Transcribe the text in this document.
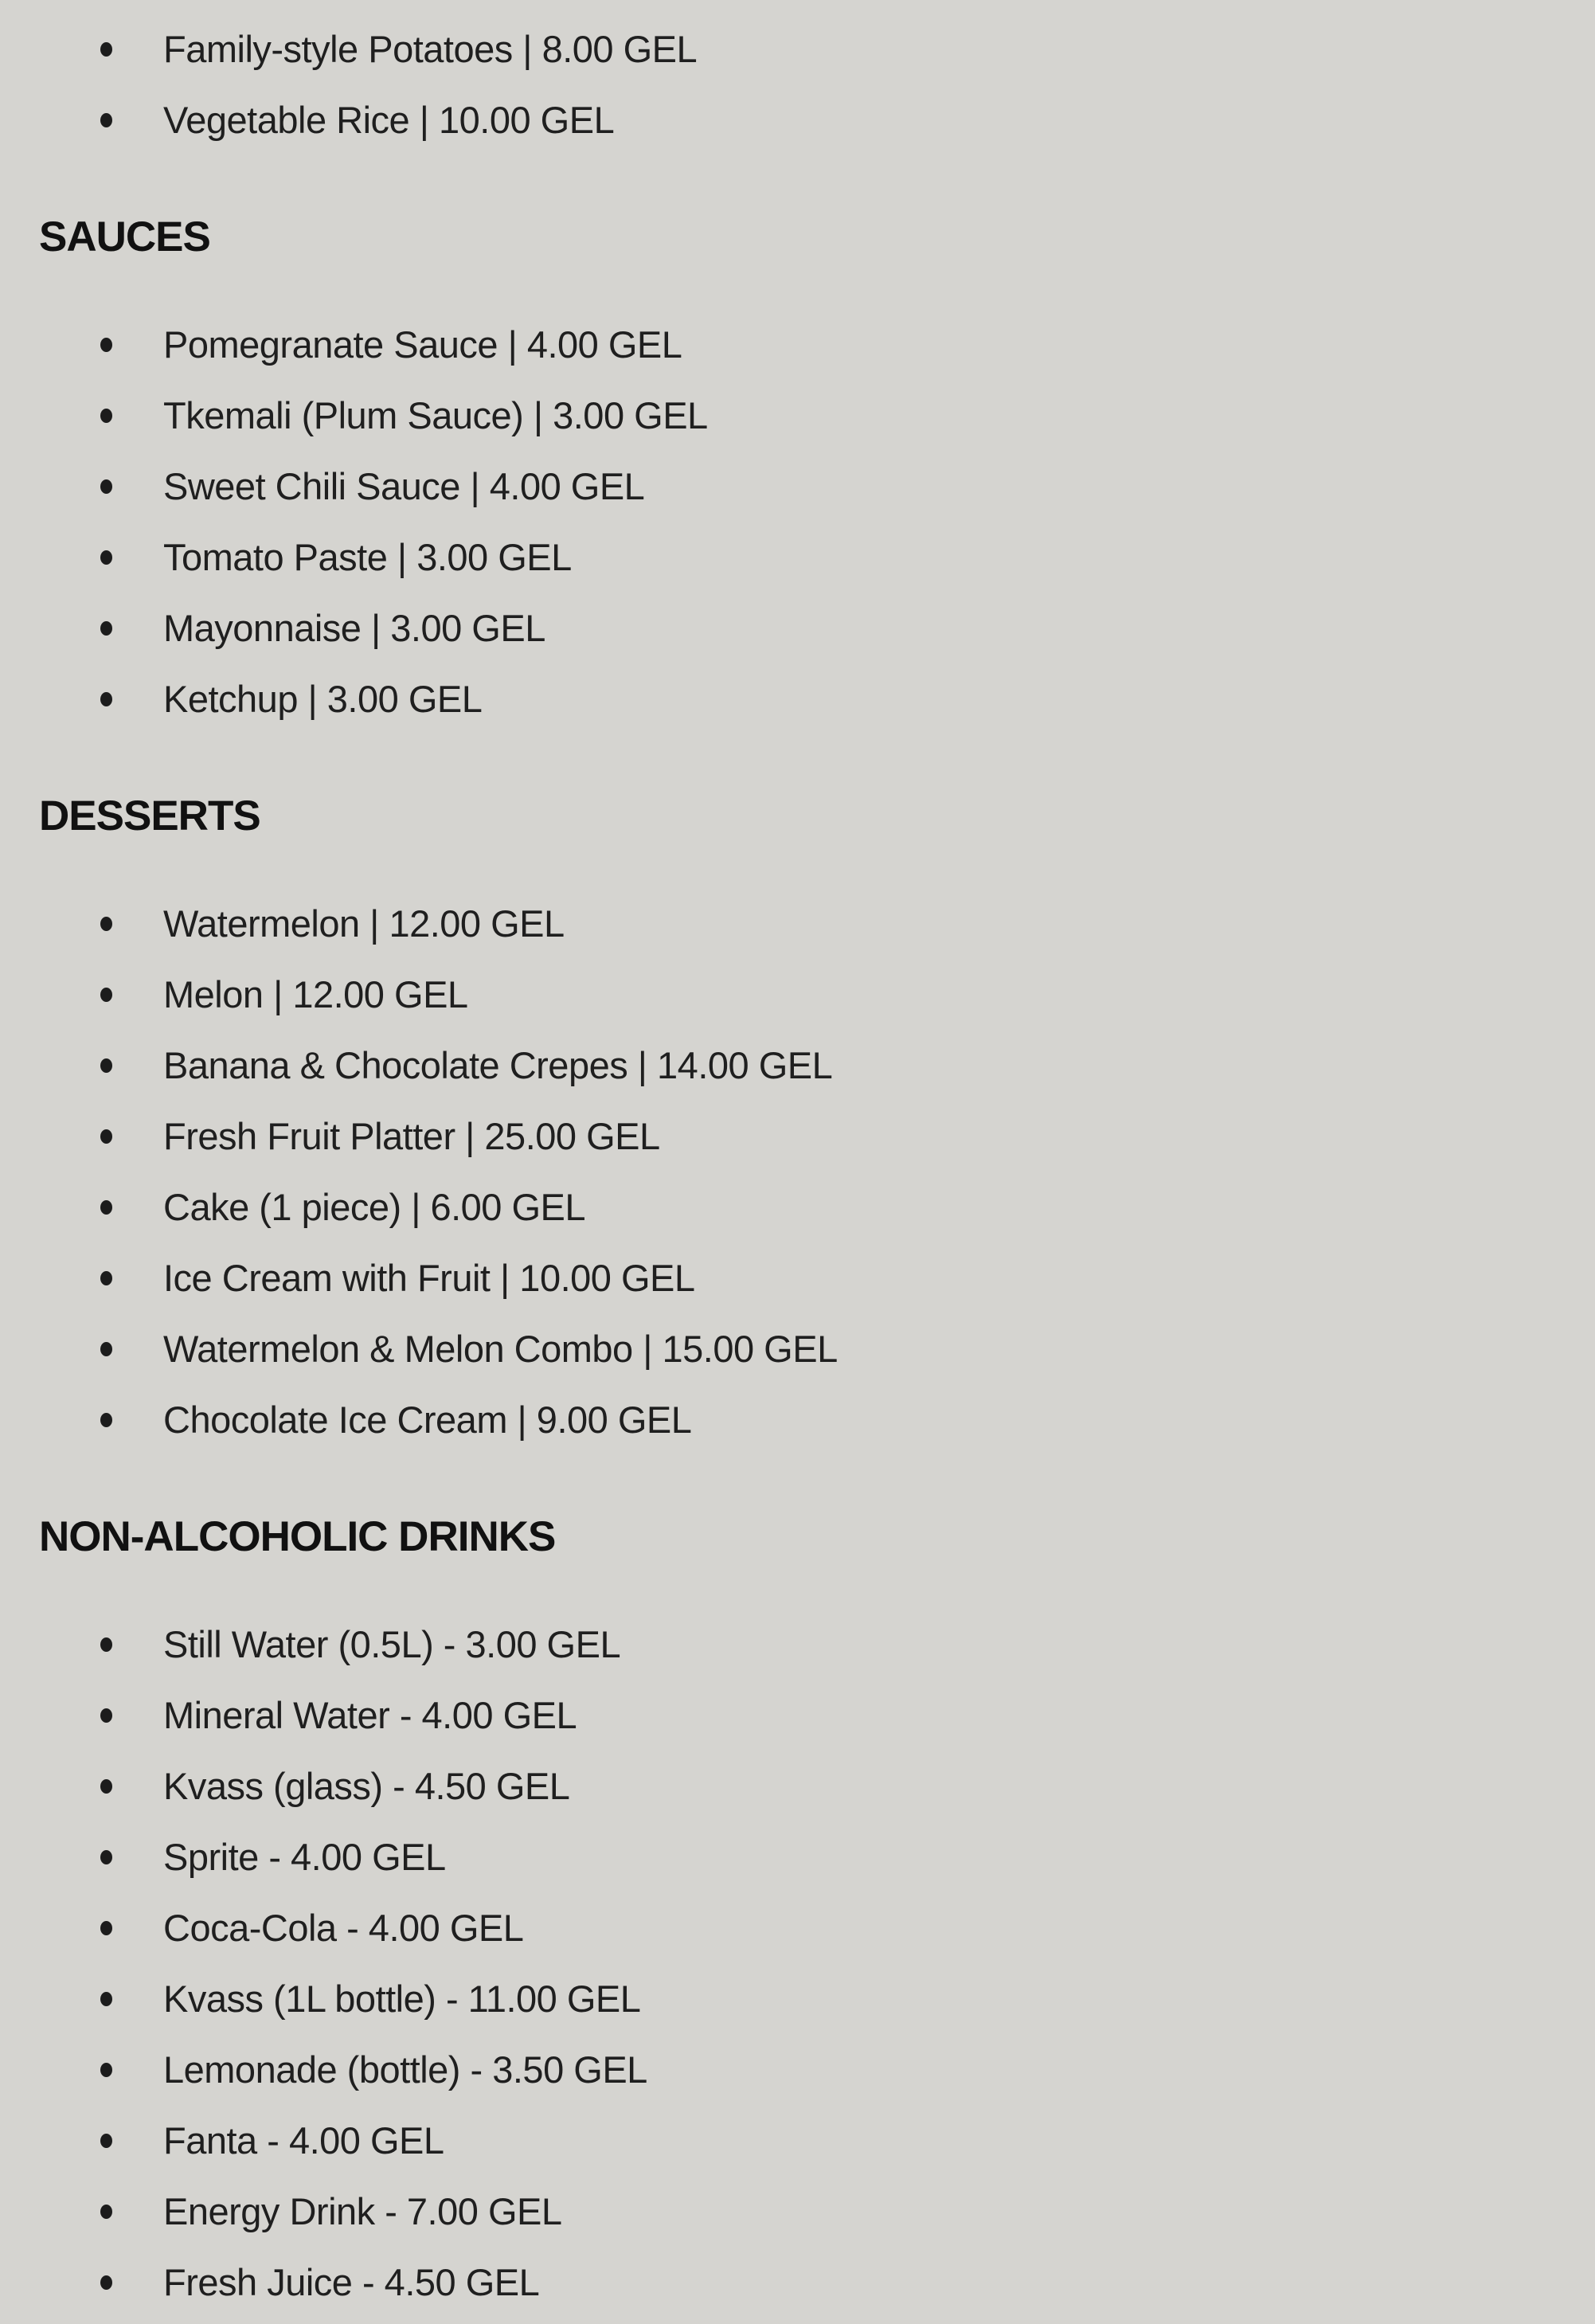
Family-style Potatoes | 8.00 GEL
Vegetable Rice | 10.00 GEL
SAUCES
Pomegranate Sauce | 4.00 GEL
Tkemali (Plum Sauce) | 3.00 GEL
Sweet Chili Sauce | 4.00 GEL
Tomato Paste | 3.00 GEL
Mayonnaise | 3.00 GEL
Ketchup | 3.00 GEL
DESSERTS
Watermelon | 12.00 GEL
Melon | 12.00 GEL
Banana & Chocolate Crepes | 14.00 GEL
Fresh Fruit Platter | 25.00 GEL
Cake (1 piece) | 6.00 GEL
Ice Cream with Fruit | 10.00 GEL
Watermelon & Melon Combo | 15.00 GEL
Chocolate Ice Cream | 9.00 GEL
NON-ALCOHOLIC DRINKS
Still Water (0.5L) - 3.00 GEL
Mineral Water - 4.00 GEL
Kvass (glass) - 4.50 GEL
Sprite - 4.00 GEL
Coca-Cola - 4.00 GEL
Kvass (1L bottle) - 11.00 GEL
Lemonade (bottle) - 3.50 GEL
Fanta - 4.00 GEL
Energy Drink - 7.00 GEL
Fresh Juice - 4.50 GEL
